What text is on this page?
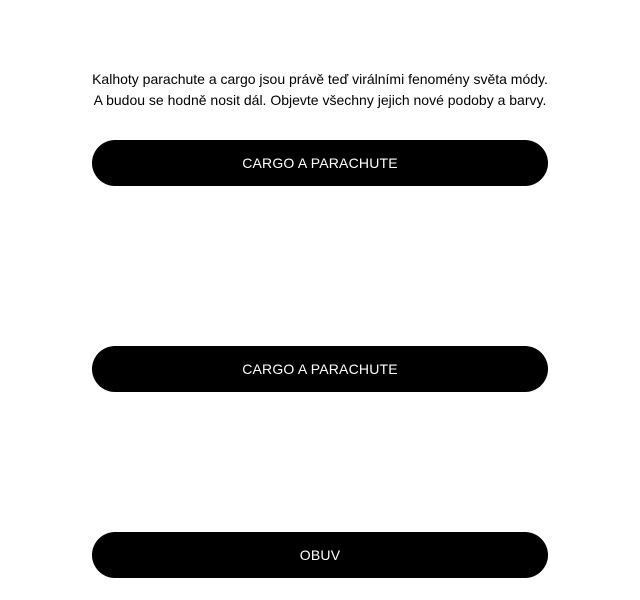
Kalhoty parachute a cargo jsou právě teď virálními fenomény světa módy.
A budou se hodně nosit dál. Objevte všechny jejich nové podoby a barvy.
CARGO A PARACHUTE
CARGO A PARACHUTE
OBUV
